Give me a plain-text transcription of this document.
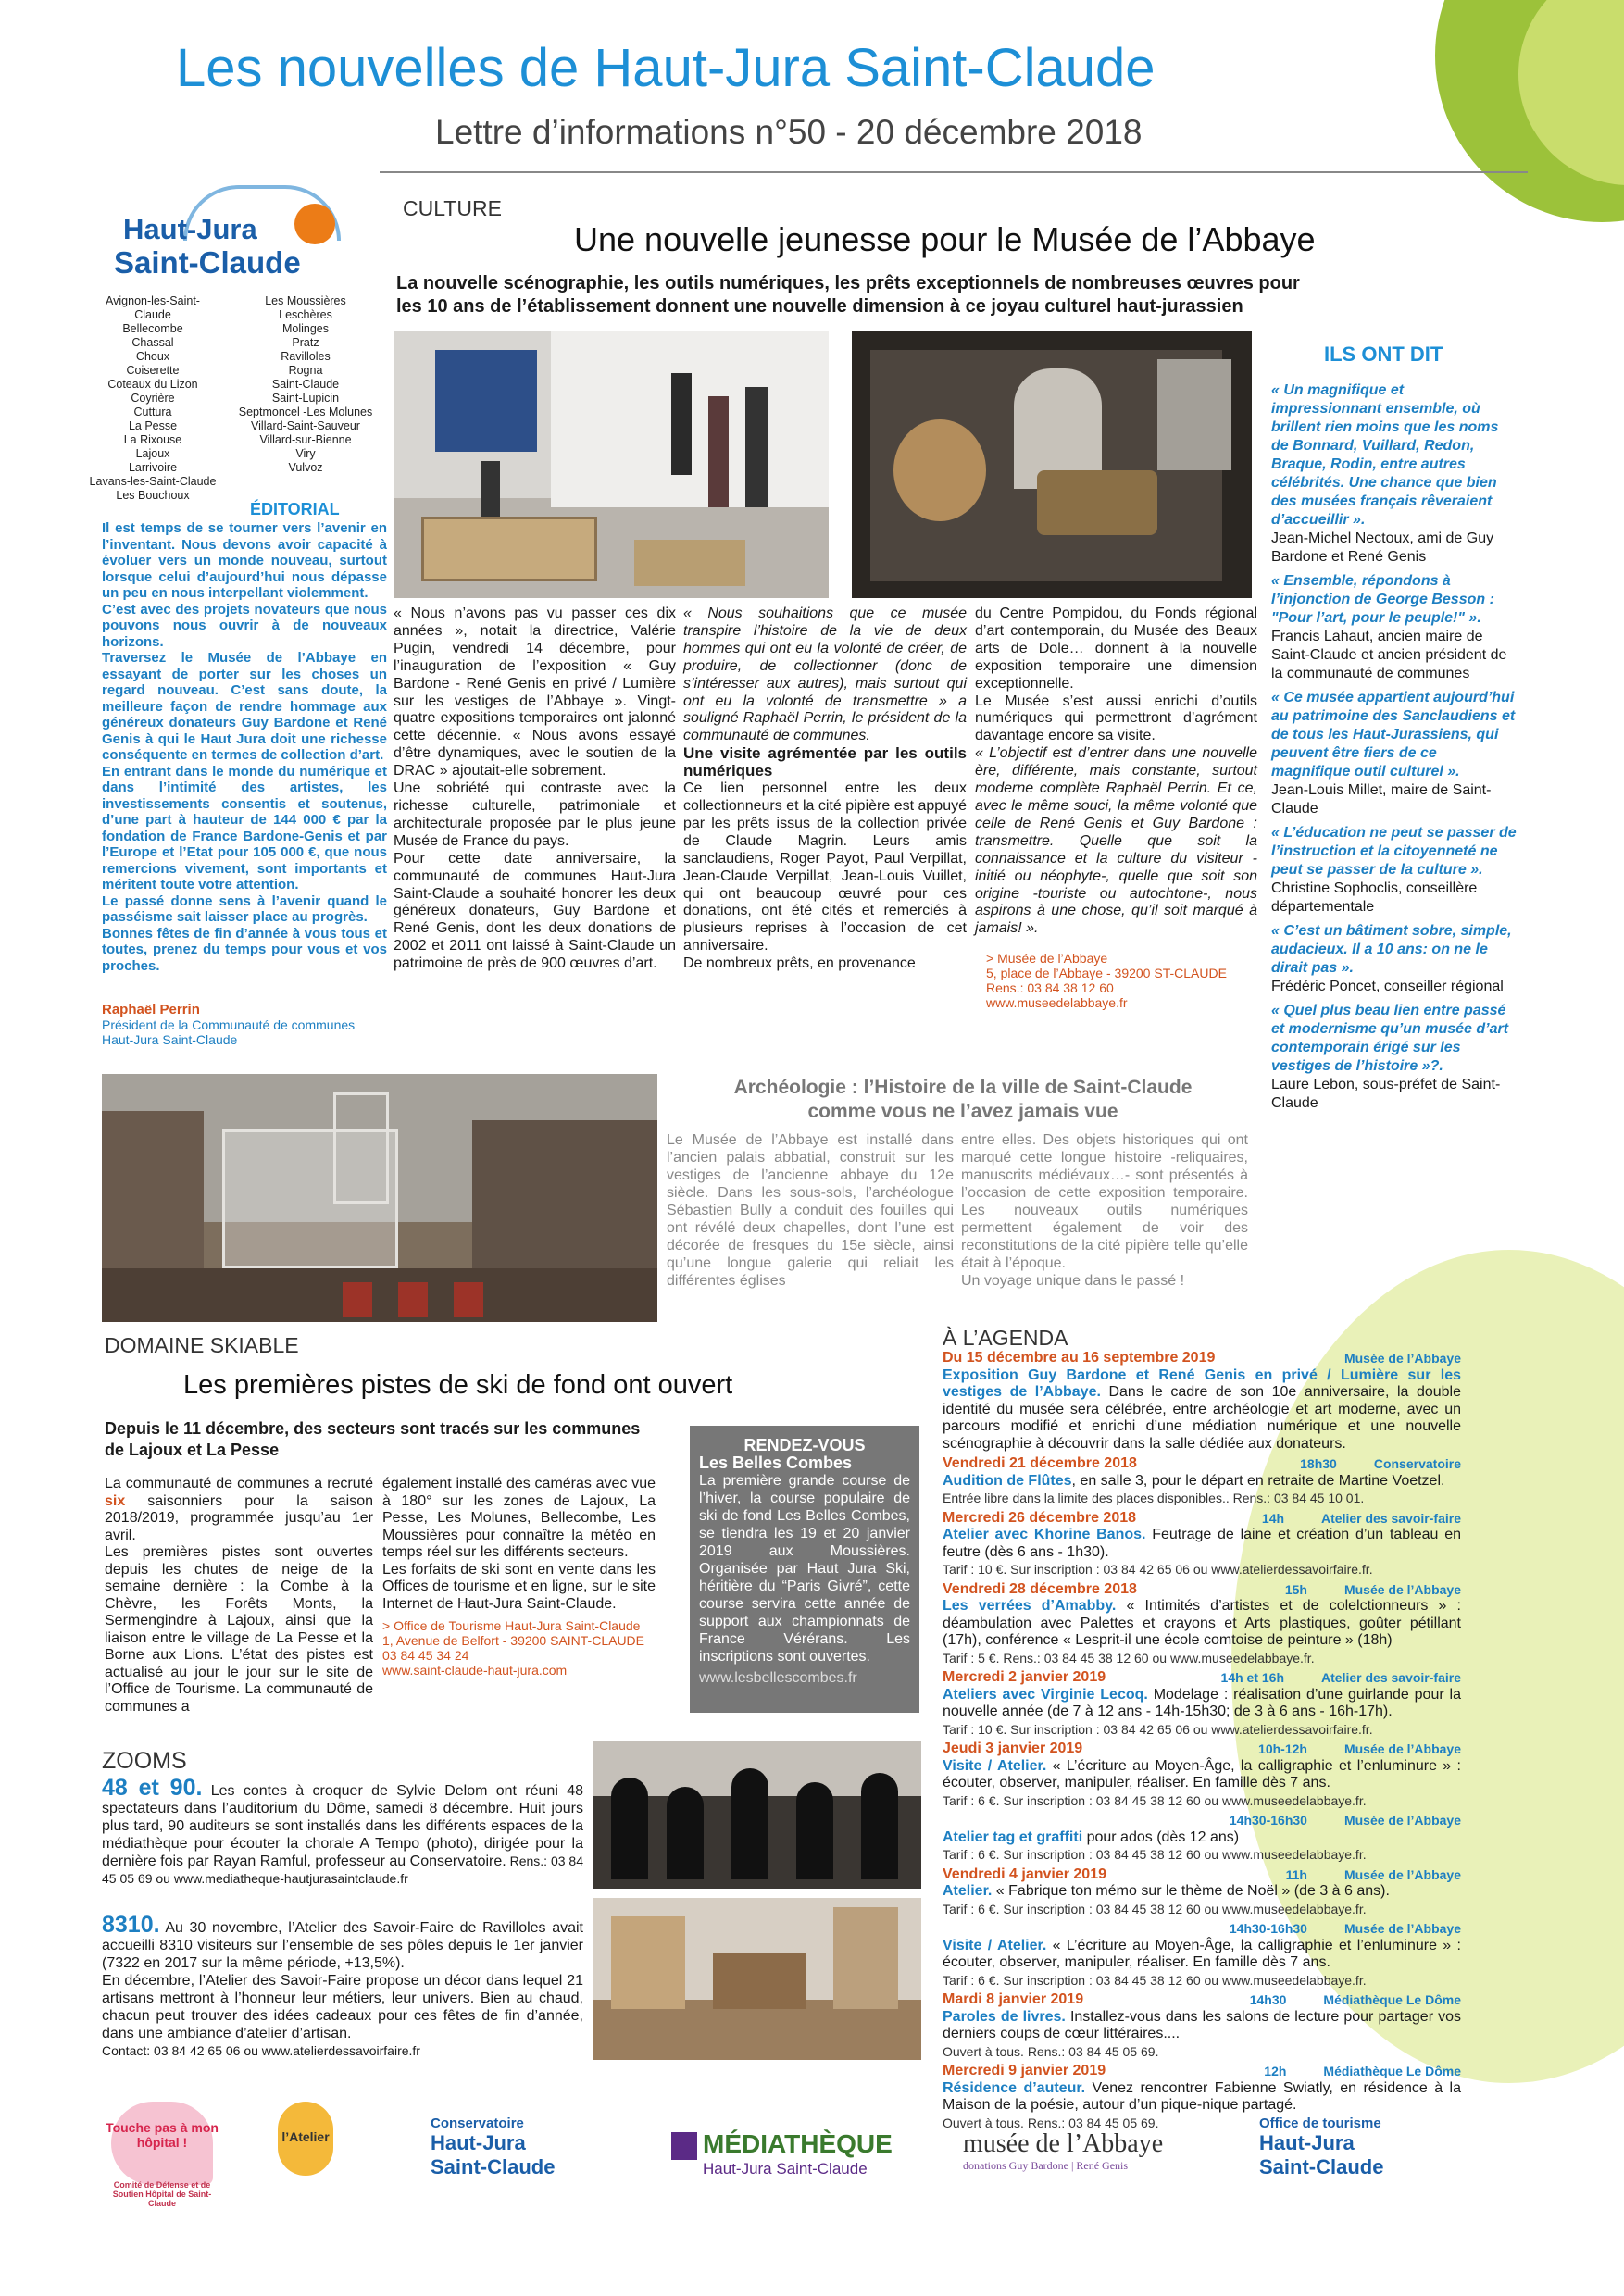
Les nouvelles de Haut-Jura Saint-Claude
Lettre d’informations n°50 - 20 décembre 2018
Haut-Jura
Saint-Claude
Avignon-les-Saint-Claude
Bellecombe
Chassal
Choux
Coiserette
Coteaux du Lizon
Coyrière
Cuttura
La Pesse
La Rixouse
Lajoux
Larrivoire
Lavans-les-Saint-Claude
Les Bouchoux
Les Moussières
Leschères
Molinges
Pratz
Ravilloles
Rogna
Saint-Claude
Saint-Lupicin
Septmoncel -Les Molunes
Villard-Saint-Sauveur
Villard-sur-Bienne
Viry
Vulvoz
ÉDITORIAL

Il est temps de se tourner vers l’avenir en l’inventant. Nous devons avoir capacité à évoluer vers un monde nouveau, surtout lorsque celui d’aujourd’hui nous dépasse un peu en nous interpellant violemment.

C’est avec des projets novateurs que nous pouvons nous ouvrir à de nouveaux horizons.

Traversez le Musée de l’Abbaye en essayant de porter sur les choses un regard nouveau. C’est sans doute, la meilleure façon de rendre hommage aux généreux donateurs Guy Bardone et René Genis à qui le Haut Jura doit une richesse conséquente en termes de collection d’art.

En entrant dans le monde du numérique et dans l’intimité des artistes, les investissements consentis et soutenus, d’une part à hauteur de 144 000 € par la fondation de France Bardone-Genis et par l’Europe et l’Etat pour 105 000 €, que nous remercions vivement, sont importants et méritent toute votre attention.

Le passé donne sens à l’avenir quand le passéisme sait laisser place au progrès.

Bonnes fêtes de fin d’année à vous tous et toutes, prenez du temps pour vous et vos proches.

Raphaël Perrin
Président de la Communauté de communes Haut-Jura Saint-Claude
CULTURE
Une nouvelle jeunesse pour le Musée de l’Abbaye
La nouvelle scénographie, les outils numériques, les prêts exceptionnels de nombreuses œuvres pour les 10 ans de l’établissement donnent une nouvelle dimension à ce joyau culturel haut-jurassien

« Nous n’avons pas vu passer ces dix années », notait la directrice, Valérie Pugin, vendredi 14 décembre, pour l’inauguration de l’exposition « Guy Bardone - René Genis en privé / Lumière sur les vestiges de l’Abbaye ». Vingt-quatre expositions temporaires ont jalonné cette décennie. « Nous avons essayé d’être dynamiques, avec le soutien de la DRAC » ajoutait-elle sobrement.

Une sobriété qui contraste avec la richesse culturelle, patrimoniale et architecturale proposée par le plus jeune Musée de France du pays.

Pour cette date anniversaire, la communauté de communes Haut-Jura Saint-Claude a souhaité honorer les deux généreux donateurs, Guy Bardone et René Genis, dont les deux donations de 2002 et 2011 ont laissé à Saint-Claude un patrimoine de près de 900 œuvres d’art.

« Nous souhaitions que ce musée transpire l’histoire de la vie de deux hommes qui ont eu la volonté de créer, de produire, de collectionner (donc de s’intéresser aux autres), mais surtout qui ont eu la volonté de transmettre » a souligné Raphaël Perrin, le président de la communauté de communes.

Une visite agrémentée par les outils numériques

Ce lien personnel entre les deux collectionneurs et la cité pipière est appuyé par les prêts issus de la collection privée de Claude Magrin. Leurs amis sanclaudiens, Roger Payot, Paul Verpillat, Jean-Claude Verpillat, Jean-Louis Vuillet, qui ont beaucoup œuvré pour ces donations, ont été cités et remerciés à plusieurs reprises à l’occasion de cet anniversaire.

De nombreux prêts, en provenance

du Centre Pompidou, du Fonds régional d’art contemporain, du Musée des Beaux arts de Dole… donnent à la nouvelle exposition temporaire une dimension exceptionnelle.

Le Musée s’est aussi enrichi d’outils numériques qui permettront d’agrément davantage encore sa visite.

« L’objectif est d’entrer dans une nouvelle ère, différente, mais constante, surtout moderne complète Raphaël Perrin. Et ce, avec le même souci, la même volonté que celle de René Genis et Guy Bardone : transmettre. Quelle que soit la connaissance et la culture du visiteur -initié ou néophyte-, quelle que soit son origine -touriste ou autochtone-, nous aspirons à une chose, qu’il soit marqué à jamais! ».

> Musée de l’Abbaye
5, place de l’Abbaye - 39200 ST-CLAUDE
Rens.: 03 84 38 12 60
www.museedelabbaye.fr
ILS ONT DIT

« Un magnifique et impressionnant ensemble, où brillent rien moins que les noms de Bonnard, Vuillard, Redon, Braque, Rodin, entre autres célébrités. Une chance que bien des musées français rêveraient d’accueillir ».
Jean-Michel Nectoux, ami de Guy Bardone et René Genis

« Ensemble, répondons à l’injonction de George Besson : "Pour l’art, pour le peuple!" ».
Francis Lahaut, ancien maire de Saint-Claude et ancien président de la communauté de communes

« Ce musée appartient aujourd’hui au patrimoine des Sanclaudiens et de tous les Haut-Jurassiens, qui peuvent être fiers de ce magnifique outil culturel ».
Jean-Louis Millet, maire de Saint-Claude

« L’éducation ne peut se passer de l’instruction et la citoyenneté ne peut se passer de la culture ».
Christine Sophoclis, conseillère départementale

« C’est un bâtiment sobre, simple, audacieux. Il a 10 ans: on ne le dirait pas ».
Frédéric Poncet, conseiller régional

« Quel plus beau lien entre passé et modernisme qu’un musée d’art contemporain érigé sur les vestiges de l’histoire »?.
Laure Lebon, sous-préfet de Saint-Claude

Archéologie : l’Histoire de la ville de Saint-Claude
comme vous ne l’avez jamais vue
Le Musée de l’Abbaye est installé dans l’ancien palais abbatial, construit sur les vestiges de l’ancienne abbaye du 12e siècle. Dans les sous-sols, l’archéologue Sébastien Bully a conduit des fouilles qui ont révélé deux chapelles, dont l’une est décorée de fresques du 15e siècle, ainsi qu’une longue galerie qui reliait les différentes églises

entre elles. Des objets historiques qui ont marqué cette longue histoire -reliquaires, manuscrits médiévaux…- sont présentés à l’occasion de cette exposition temporaire. Les nouveaux outils numériques permettent également de voir des reconstitutions de la cité pipière telle qu’elle était à l’époque.

Un voyage unique dans le passé !

DOMAINE SKIABLE
Les premières pistes de ski de fond ont ouvert
Depuis le 11 décembre, des secteurs sont tracés sur les communes de Lajoux et La Pesse

La communauté de communes a recruté six saisonniers pour la saison 2018/2019, programmée jusqu’au 1er avril.

Les premières pistes sont ouvertes depuis les chutes de neige de la semaine dernière : la Combe à la Chèvre, les Forêts Monts, la Sermengindre à Lajoux, ainsi que la liaison entre le village de La Pesse et la Borne aux Lions. L’état des pistes est actualisé au jour le jour sur le site de l’Office de Tourisme. La communauté de communes a

également installé des caméras avec vue à 180° sur les zones de Lajoux, La Pesse, Les Molunes, Bellecombe, Les Moussières pour connaître la météo en temps réel sur les différents secteurs.

Les forfaits de ski sont en vente dans les Offices de tourisme et en ligne, sur le site Internet de Haut-Jura Saint-Claude.

> Office de Tourisme Haut-Jura Saint-Claude
1, Avenue de Belfort - 39200 SAINT-CLAUDE
03 84 45 34 24
www.saint-claude-haut-jura.com
RENDEZ-VOUS
Les Belles Combes
La première grande course de l’hiver, la course populaire de ski de fond Les Belles Combes, se tiendra les 19 et 20 janvier 2019 aux Moussières. Organisée par Haut Jura Ski, héritière du “Paris Givré”, cette course servira cette année de support aux championnats de France Vérérans. Les inscriptions sont ouvertes.
www.lesbellescombes.fr
ZOOMS
48 et 90. Les contes à croquer de Sylvie Delom ont réuni 48 spectateurs dans l’auditorium du Dôme, samedi 8 décembre. Huit jours plus tard, 90 auditeurs se sont installés dans les différents espaces de la médiathèque pour écouter la chorale A Tempo (photo), dirigée pour la dernière fois par Rayan Ramful, professeur au Conservatoire. Rens.: 03 84 45 05 69 ou www.mediatheque-hautjurasaintclaude.fr

8310. Au 30 novembre, l’Atelier des Savoir-Faire de Ravilloles avait accueilli 8310 visiteurs sur l’ensemble de ses pôles depuis le 1er janvier (7322 en 2017 sur la même période, +13,5%).

En décembre, l’Atelier des Savoir-Faire propose un décor dans lequel 21 artisans mettront à l’honneur leur métiers, leur univers. Bien au chaud, chacun peut trouver des idées cadeaux pour ces fêtes de fin d’année, dans une ambiance d’atelier d’artisan.

Contact: 03 84 42 65 06 ou www.atelierdessavoirfaire.fr

À L’AGENDA
Du 15 décembre au 16 septembre 2019	Musée de l’Abbaye
Exposition Guy Bardone et René Genis en privé / Lumière sur les vestiges de l’Abbaye. Dans le cadre de son 10e anniversaire, la double identité du musée sera célébrée, entre archéologie et art moderne, avec un parcours modifié et enrichi d’une médiation numérique et une nouvelle scénographie à découvrir dans la salle dédiée aux donateurs.
Vendredi 21 décembre 2018	Conservatoire
18h30
Audition de Flûtes, en salle 3, pour le départ en retraite de Martine Voetzel.
Entrée libre dans la limite des places disponibles.. Rens.: 03 84 45 10 01.
Mercredi 26 décembre 2018	Atelier des savoir-faire
14h
Atelier avec Khorine Banos. Feutrage de laine et création d’un tableau en feutre (dès 6 ans - 1h30).
Tarif : 10 €. Sur inscription : 03 84 42 65 06 ou www.atelierdessavoirfaire.fr.
Vendredi 28 décembre 2018	Musée de l’Abbaye
15h
Les verrées d’Amabby. « Intimités d’artistes et de colelctionneurs » : déambulation avec Palettes et crayons et Arts plastiques, goûter pétillant (17h), conférence « Lesprit-il une école comtoise de peinture » (18h)
Tarif : 5 €. Rens.: 03 84 45 38 12 60 ou www.museedelabbaye.fr.
Mercredi 2 janvier 2019	Atelier des savoir-faire
14h et 16h
Ateliers avec Virginie Lecoq. Modelage : réalisation d’une guirlande pour la nouvelle année (de 7 à 12 ans - 14h-15h30; de 3 à 6 ans - 16h-17h).
Tarif : 10 €. Sur inscription : 03 84 42 65 06 ou www.atelierdessavoirfaire.fr.
Jeudi 3 janvier 2019	Musée de l’Abbaye
10h-12h
Visite / Atelier. « L’écriture au Moyen-Âge, la calligraphie et l’enluminure » : écouter, observer, manipuler, réaliser. En famille dès 7 ans.
Tarif : 6 €. Sur inscription : 03 84 45 38 12 60 ou www.museedelabbaye.fr.
Musée de l’Abbaye
14h30-16h30
Atelier tag et graffiti pour ados (dès 12 ans)
Tarif : 6 €. Sur inscription : 03 84 45 38 12 60 ou www.museedelabbaye.fr.
Vendredi 4 janvier 2019	Musée de l’Abbaye
11h
Atelier. « Fabrique ton mémo sur le thème de Noël » (de 3 à 6 ans).
Tarif : 6 €. Sur inscription : 03 84 45 38 12 60 ou www.museedelabbaye.fr.
Musée de l’Abbaye
14h30-16h30
Visite / Atelier. « L’écriture au Moyen-Âge, la calligraphie et l’enluminure » : écouter, observer, manipuler, réaliser. En famille dès 7 ans.
Tarif : 6 €. Sur inscription : 03 84 45 38 12 60 ou www.museedelabbaye.fr.
Mardi 8 janvier 2019	Médiathèque Le Dôme
14h30
Paroles de livres. Installez-vous dans les salons de lecture pour partager vos derniers coups de cœur littéraires....
Ouvert à tous. Rens.: 03 84 45 05 69.
Mercredi 9 janvier 2019	Médiathèque Le Dôme
12h
Résidence d’auteur. Venez rencontrer Fabienne Swiatly, en résidence à la Maison de la poésie, autour d’un pique-nique partagé.
Ouvert à tous. Rens.: 03 84 45 05 69.
Touche pas à mon hôpital !
Comité de Défense et de Soutien Hôpital de Saint-Claude
l’Atelier
Conservatoire
Haut-Jura
Saint-Claude
MÉDIATHÈQUE
Haut-Jura Saint-Claude
musée de l’Abbaye
donations Guy Bardone | René Genis
Office de tourisme
Haut-Jura
Saint-Claude
